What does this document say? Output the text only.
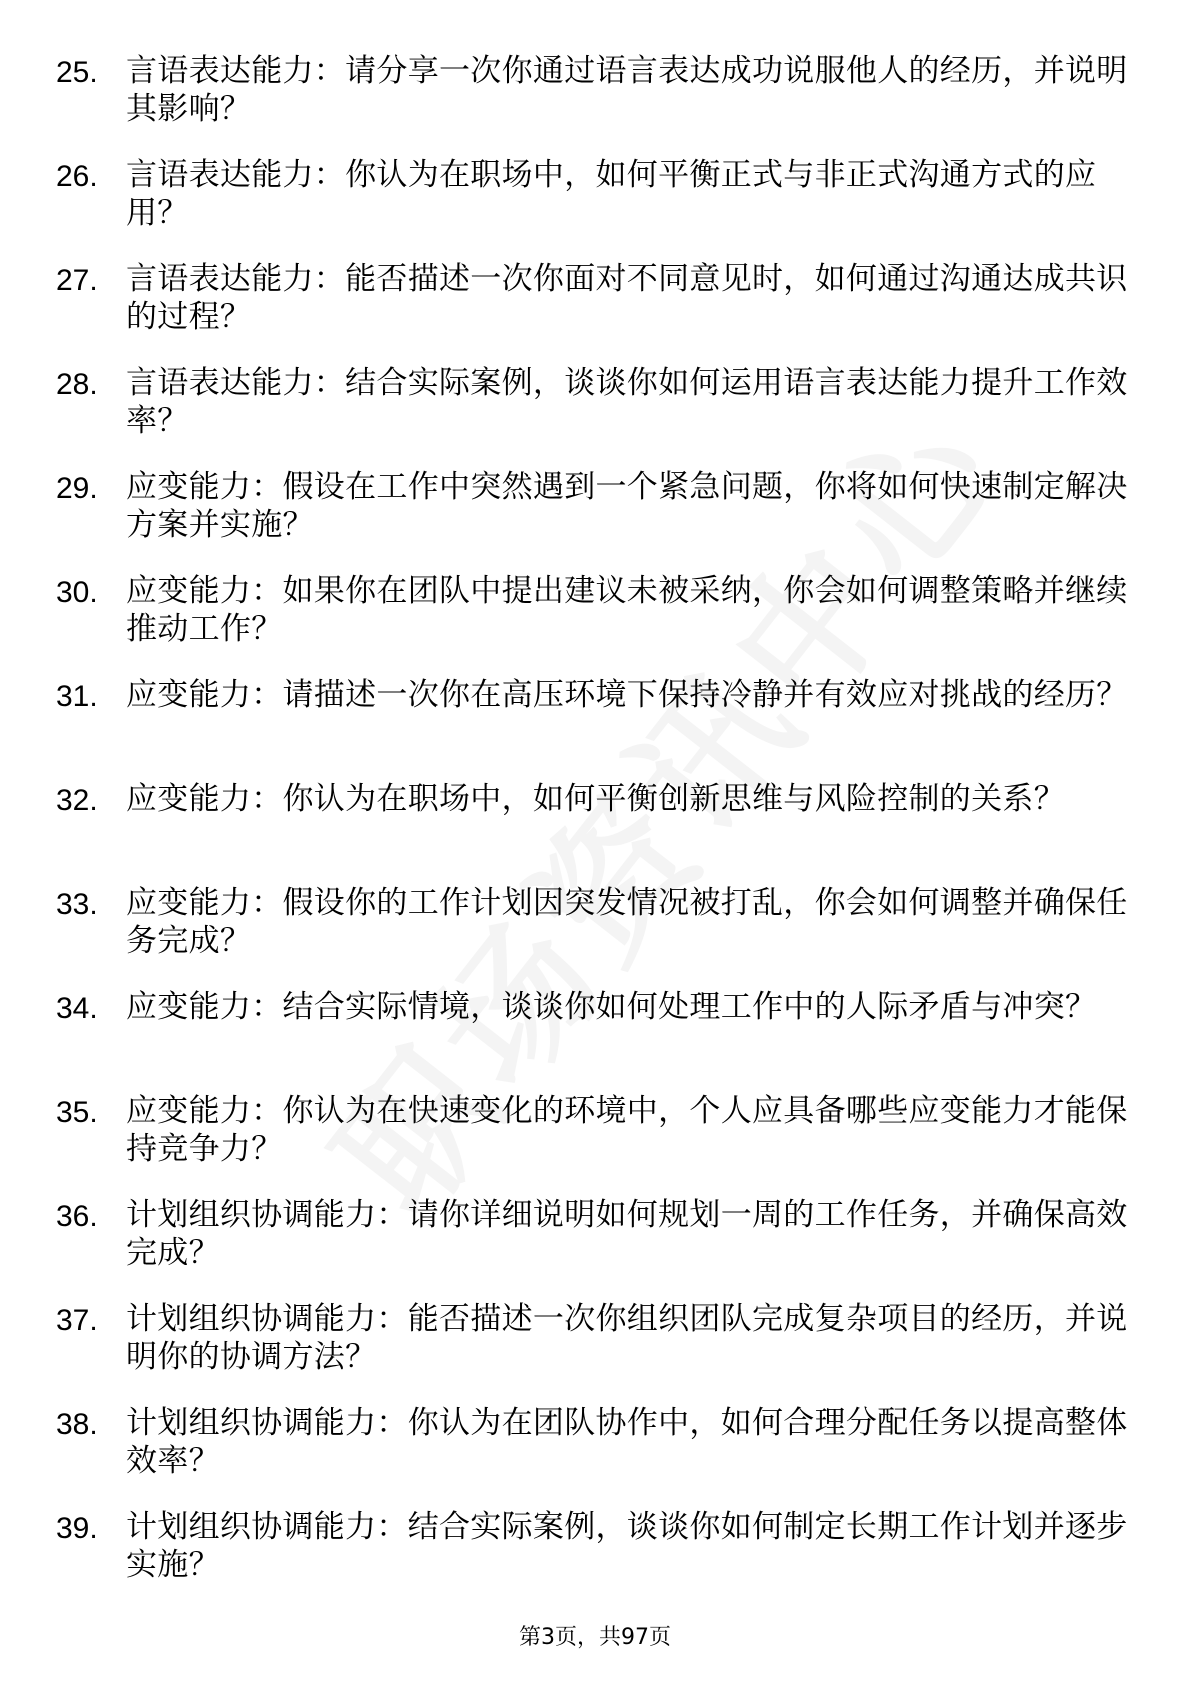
25. 言语表达能力：请分享一次你通过语言表达成功说服他人的经历，并说明其影响？
26. 言语表达能力：你认为在职场中，如何平衡正式与非正式沟通方式的应用？
27. 言语表达能力：能否描述一次你面对不同意见时，如何通过沟通达成共识的过程？
28. 言语表达能力：结合实际案例，谈谈你如何运用语言表达能力提升工作效率？
29. 应变能力：假设在工作中突然遇到一个紧急问题，你将如何快速制定解决方案并实施？
30. 应变能力：如果你在团队中提出建议未被采纳，你会如何调整策略并继续推动工作？
31. 应变能力：请描述一次你在高压环境下保持冷静并有效应对挑战的经历？
32. 应变能力：你认为在职场中，如何平衡创新思维与风险控制的关系？
33. 应变能力：假设你的工作计划因突发情况被打乱，你会如何调整并确保任务完成？
34. 应变能力：结合实际情境，谈谈你如何处理工作中的人际矛盾与冲突？
35. 应变能力：你认为在快速变化的环境中，个人应具备哪些应变能力才能保持竞争力？
36. 计划组织协调能力：请你详细说明如何规划一周的工作任务，并确保高效完成？
37. 计划组织协调能力：能否描述一次你组织团队完成复杂项目的经历，并说明你的协调方法？
38. 计划组织协调能力：你认为在团队协作中，如何合理分配任务以提高整体效率？
39. 计划组织协调能力：结合实际案例，谈谈你如何制定长期工作计划并逐步实施？
第3页，共97页
